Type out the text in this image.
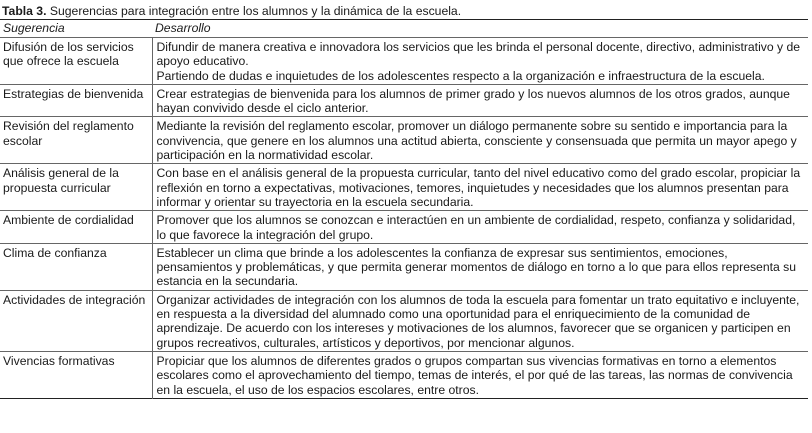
Tabla 3. Sugerencias para integración entre los alumnos y la dinámica de la escuela.
Sugerencia	Desarrollo
Difusión de los servicios que ofrece la escuela	Difundir de manera creativa e innovadora los servicios que les brinda el personal docente, directivo, administrativo y de apoyo educativo.
Partiendo de dudas e inquietudes de los adolescentes respecto a la organización e infraestructura de la escuela.

Estrategias de bienvenida	Crear estrategias de bienvenida para los alumnos de primer grado y los nuevos alumnos de los otros grados, aunque hayan convivido desde el ciclo anterior.

Revisión del reglamento escolar	Mediante la revisión del reglamento escolar, promover un diálogo permanente sobre su sentido e importancia para la convivencia, que genere en los alumnos una actitud abierta, consciente y consensuada que permita un mayor apego y participación en la normatividad escolar.

Análisis general de la propuesta curricular	Con base en el análisis general de la propuesta curricular, tanto del nivel educativo como del grado escolar, propiciar la reflexión en torno a expectativas, motivaciones, temores, inquietudes y necesidades que los alumnos presentan para informar y orientar su trayectoria en la escuela secundaria.

Ambiente de cordialidad	Promover que los alumnos se conozcan e interactúen en un ambiente de cordialidad, respeto, confianza y solidaridad, lo que favorece la integración del grupo.

Clima de confianza	Establecer un clima que brinde a los adolescentes la confianza de expresar sus sentimientos, emociones, pensamientos y problemáticas, y que permita generar momentos de diálogo en torno a lo que para ellos representa su estancia en la secundaria.

Actividades de integración	Organizar actividades de integración con los alumnos de toda la escuela para fomentar un trato equitativo e incluyente, en respuesta a la diversidad del alumnado como una oportunidad para el enriquecimiento de la comunidad de aprendizaje. De acuerdo con los intereses y motivaciones de los alumnos, favorecer que se organicen y participen en grupos recreativos, culturales, artísticos y deportivos, por mencionar algunos.

Vivencias formativas	Propiciar que los alumnos de diferentes grados o grupos compartan sus vivencias formativas en torno a elementos escolares como el aprovechamiento del tiempo, temas de interés, el por qué de las tareas, las normas de convivencia en la escuela, el uso de los espacios escolares, entre otros.
